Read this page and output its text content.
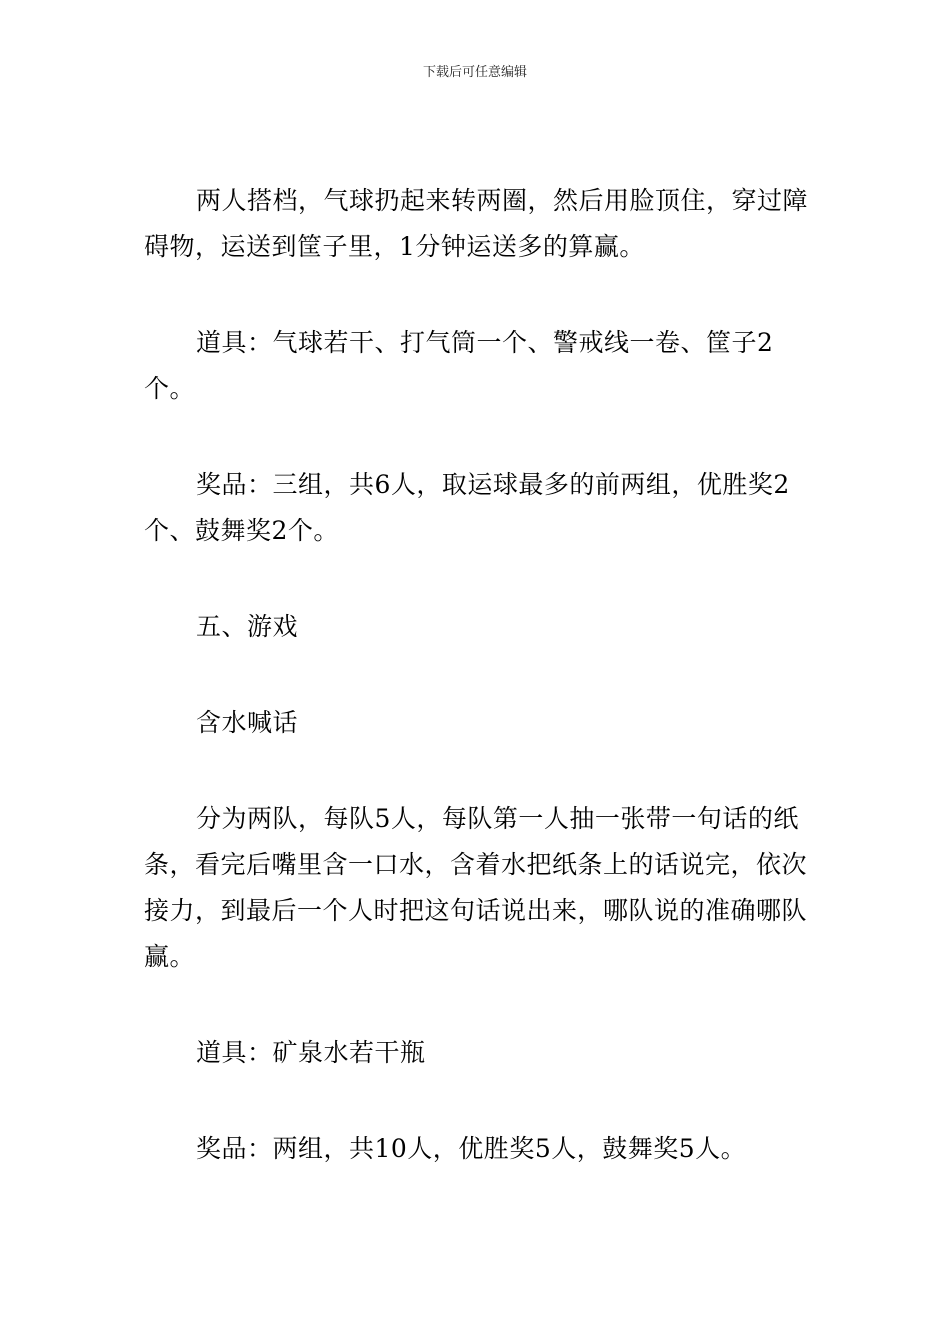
下载后可任意编辑

两人搭档，气球扔起来转两圈，然后用脸顶住，穿过障碍物，运送到筐子里，1分钟运送多的算赢。

道具：气球若干、打气筒一个、警戒线一卷、筐子2个。

奖品：三组，共6人，取运球最多的前两组，优胜奖2个、鼓舞奖2个。

五、游戏

含水喊话

分为两队，每队5人，每队第一人抽一张带一句话的纸条，看完后嘴里含一口水，含着水把纸条上的话说完，依次接力，到最后一个人时把这句话说出来，哪队说的准确哪队赢。

道具：矿泉水若干瓶

奖品：两组，共10人，优胜奖5人，鼓舞奖5人。
